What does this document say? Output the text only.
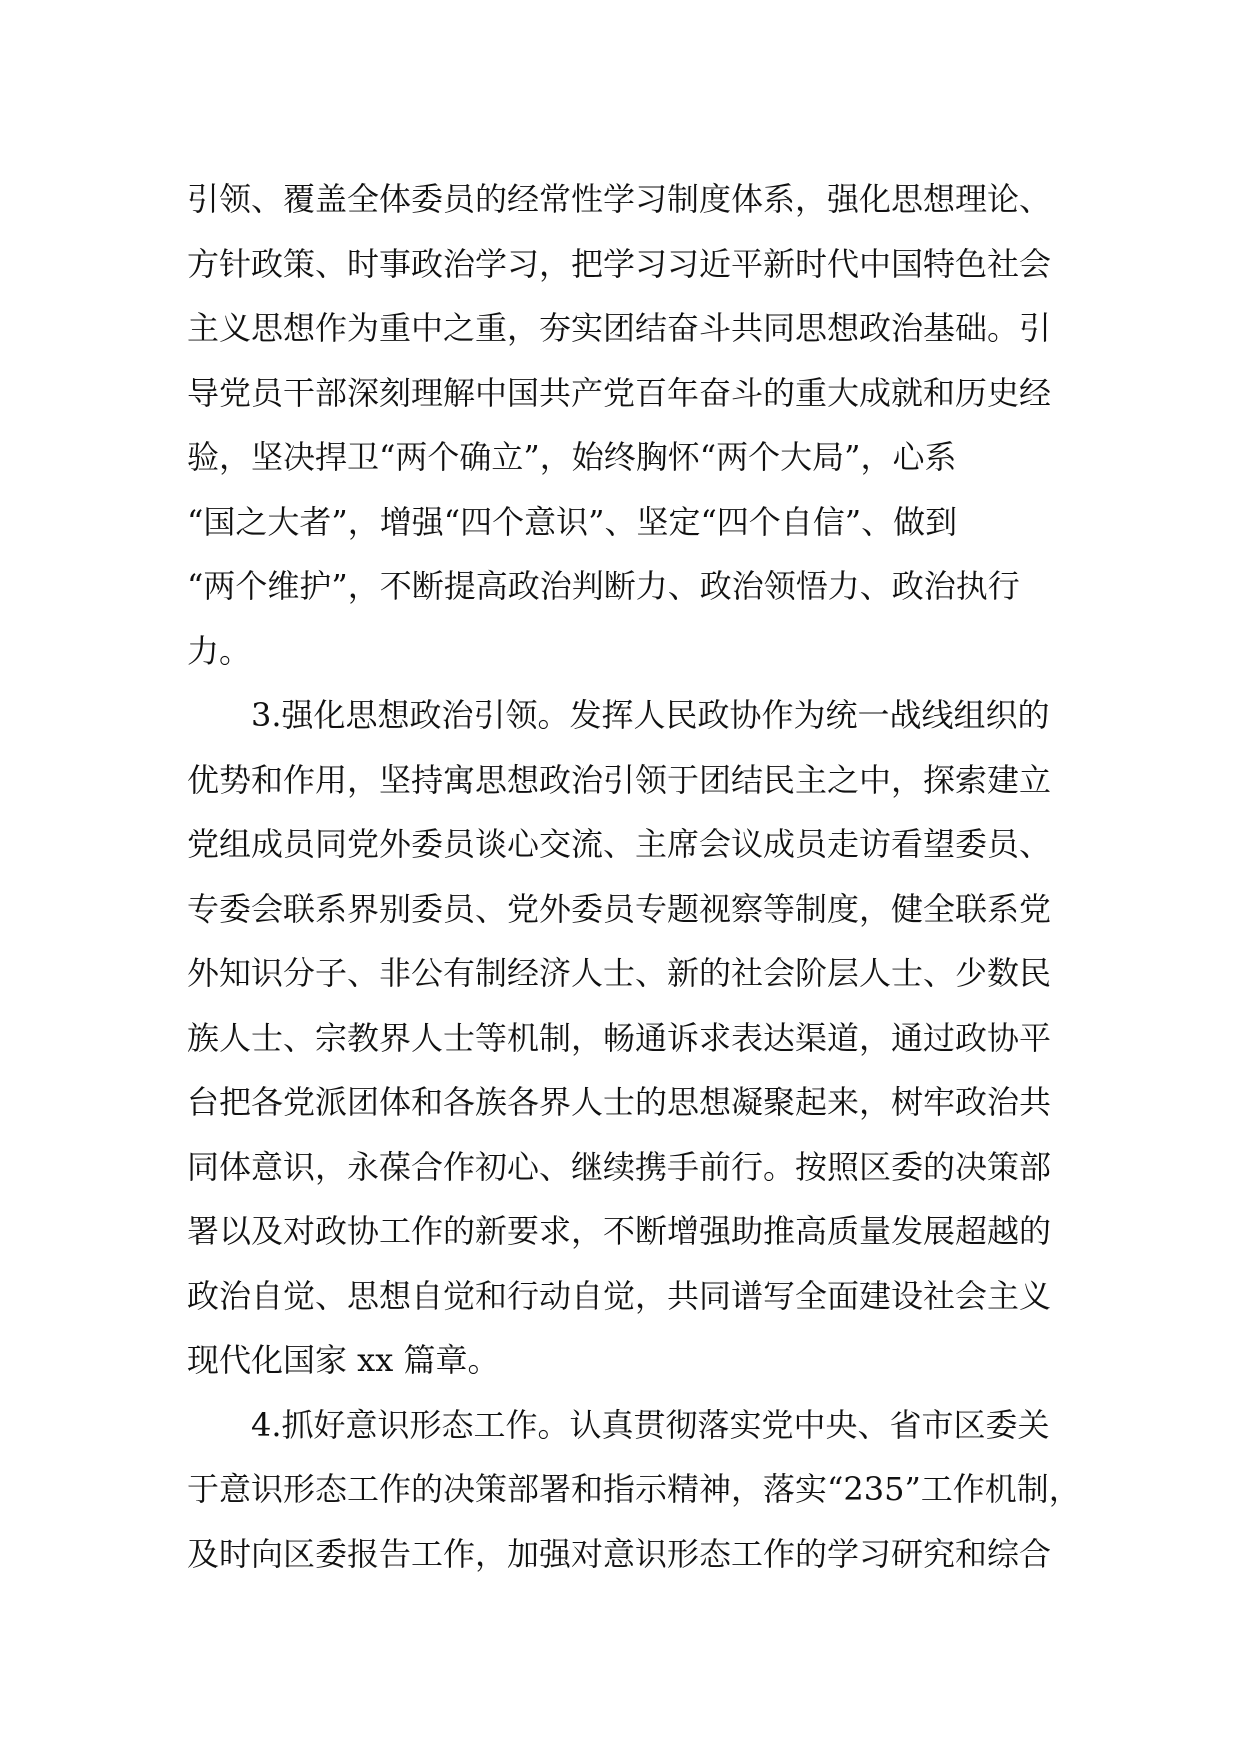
引领、覆盖全体委员的经常性学习制度体系，强化思想理论、
方针政策、时事政治学习，把学习习近平新时代中国特色社会
主义思想作为重中之重，夯实团结奋斗共同思想政治基础。引
导党员干部深刻理解中国共产党百年奋斗的重大成就和历史经
验，坚决捍卫“两个确立”，始终胸怀“两个大局”，心系
“国之大者”，增强“四个意识”、坚定“四个自信”、做到
“两个维护”，不断提高政治判断力、政治领悟力、政治执行
力。
3.强化思想政治引领。发挥人民政协作为统一战线组织的
优势和作用，坚持寓思想政治引领于团结民主之中，探索建立
党组成员同党外委员谈心交流、主席会议成员走访看望委员、
专委会联系界别委员、党外委员专题视察等制度，健全联系党
外知识分子、非公有制经济人士、新的社会阶层人士、少数民
族人士、宗教界人士等机制，畅通诉求表达渠道，通过政协平
台把各党派团体和各族各界人士的思想凝聚起来，树牢政治共
同体意识，永葆合作初心、继续携手前行。按照区委的决策部
署以及对政协工作的新要求，不断增强助推高质量发展超越的
政治自觉、思想自觉和行动自觉，共同谱写全面建设社会主义
现代化国家 xx 篇章。
4.抓好意识形态工作。认真贯彻落实党中央、省市区委关
于意识形态工作的决策部署和指示精神，落实“235”工作机制，
及时向区委报告工作，加强对意识形态工作的学习研究和综合
